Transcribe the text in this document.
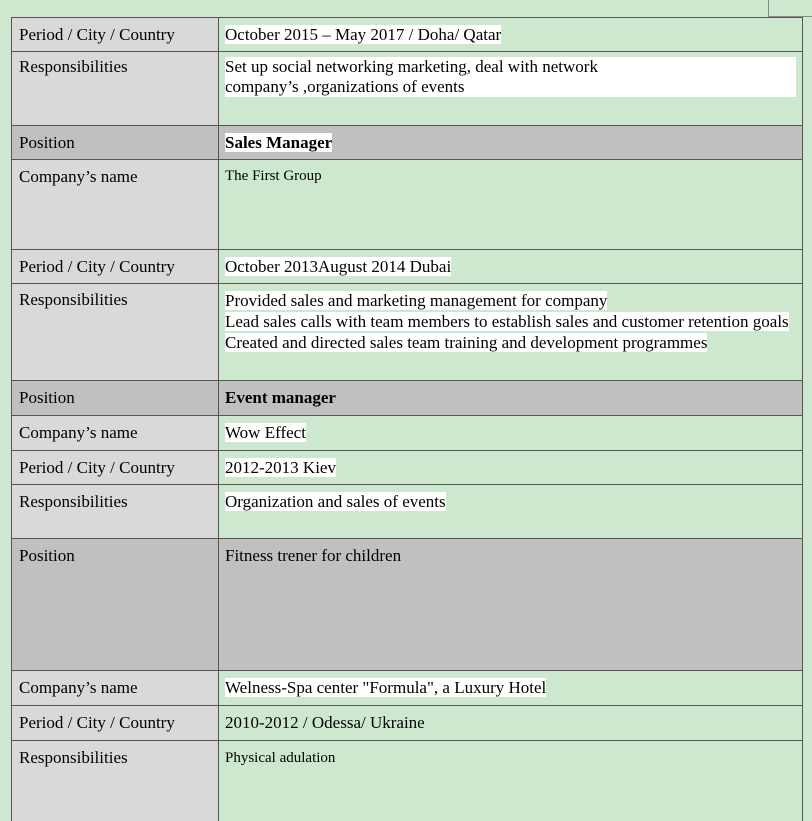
Period / City / Country	October 2015 – May 2017 / Doha/ Qatar
Responsibilities	Set up social networking marketing, deal with network
company’s ,organizations of events

Position	Sales Manager
Company’s name	The First Group
Period / City / Country	October 2013August 2014 Dubai
Responsibilities	Provided sales and marketing management for company
Lead sales calls with team members to establish sales and customer retention goals
Created and directed sales team training and development programmes
Position	Event manager
Company’s name	Wow Effect
Period / City / Country	2012-2013 Kiev
Responsibilities	Organization and sales of events
Position	Fitness trener for children
Company’s name	Welness-Spa center "Formula", a Luxury Hotel
Period / City / Country	2010-2012 / Odessa/ Ukraine
Responsibilities	Physical adulation
